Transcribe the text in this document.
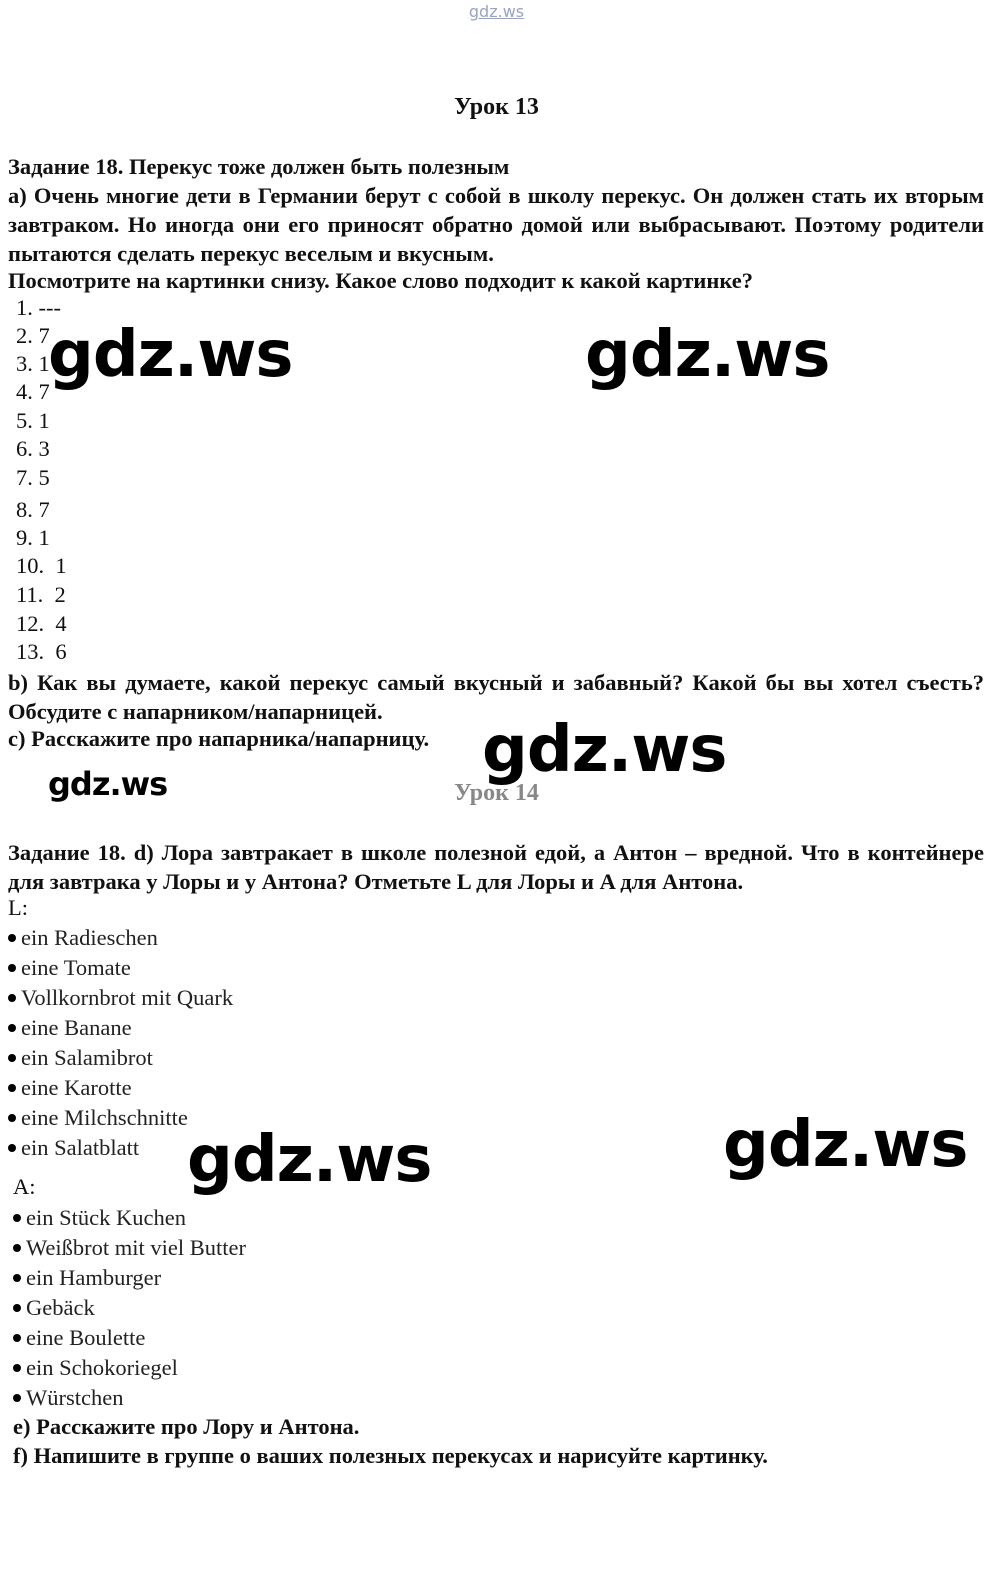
gdz.ws
Урок 13
Задание 18. Перекус тоже должен быть полезным
a) Очень многие дети в Германии берут с собой в школу перекус. Он должен стать их вторым завтраком. Но иногда они его приносят обратно домой или выбрасывают. Поэтому родители пытаются сделать перекус веселым и вкусным.
Посмотрите на картинки снизу. Какое слово подходит к какой картинке?
1. ---
2. 7
3. 1
4. 7
5. 1
6. 3
7. 5
8. 7
9. 1
10. 1
11. 2
12. 4
13. 6
gdz.ws	gdz.ws
b) Как вы думаете, какой перекус самый вкусный и забавный? Какой бы вы хотел съесть? Обсудите с напарником/напарницей.
c) Расскажите про напарника/напарницу. gdz.ws
gdz.ws	Урок 14
Задание 18. d) Лора завтракает в школе полезной едой, а Антон – вредной. Что в контейнере для завтрака у Лоры и у Антона? Отметьте L для Лоры и A для Антона.
L:
ein Radieschen
eine Tomate
Vollkornbrot mit Quark
eine Banane
ein Salamibrot
eine Karotte
eine Milchschnitte
ein Salatblatt gdz.ws	gdz.ws
A:
ein Stück Kuchen
Weißbrot mit viel Butter
ein Hamburger
Gebäck
eine Boulette
ein Schokoriegel
Würstchen
e) Расскажите про Лору и Антона.
f) Напишите в группе о ваших полезных перекусах и нарисуйте картинку.
